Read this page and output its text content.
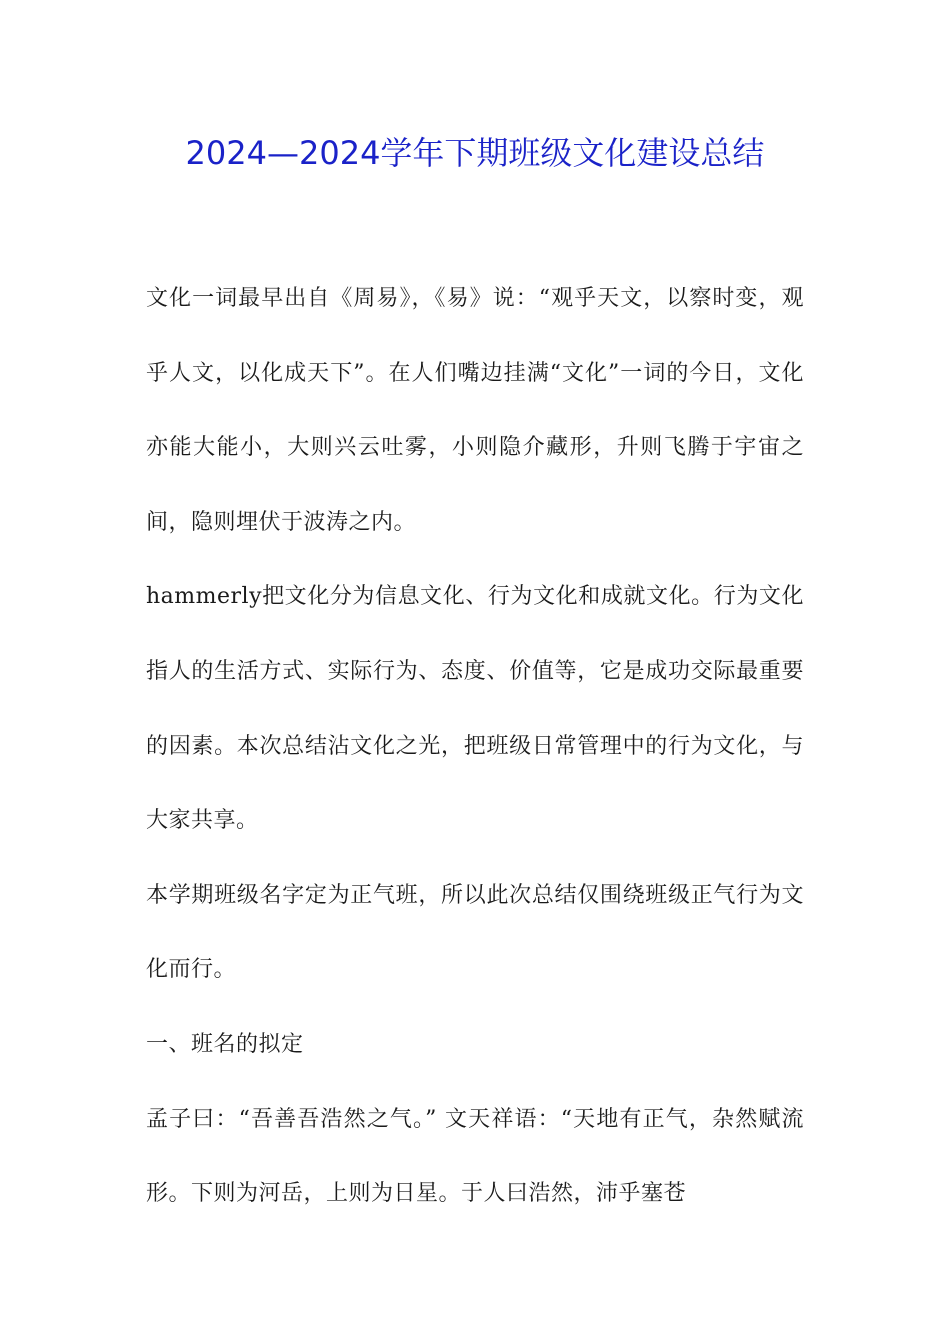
2024—2024学年下期班级文化建设总结

文化一词最早出自《周易》，《易》说：“观乎天文，以察时变，观乎人文，以化成天下”。在人们嘴边挂满“文化”一词的今日，文化亦能大能小，大则兴云吐雾，小则隐介藏形，升则飞腾于宇宙之间，隐则埋伏于波涛之内。

hammerly把文化分为信息文化、行为文化和成就文化。行为文化指人的生活方式、实际行为、态度、价值等，它是成功交际最重要的因素。本次总结沾文化之光，把班级日常管理中的行为文化，与大家共享。

本学期班级名字定为正气班，所以此次总结仅围绕班级正气行为文化而行。

一、班名的拟定

孟子曰：“吾善吾浩然之气。” 文天祥语：“天地有正气，杂然赋流形。下则为河岳，上则为日星。于人曰浩然，沛乎塞苍
